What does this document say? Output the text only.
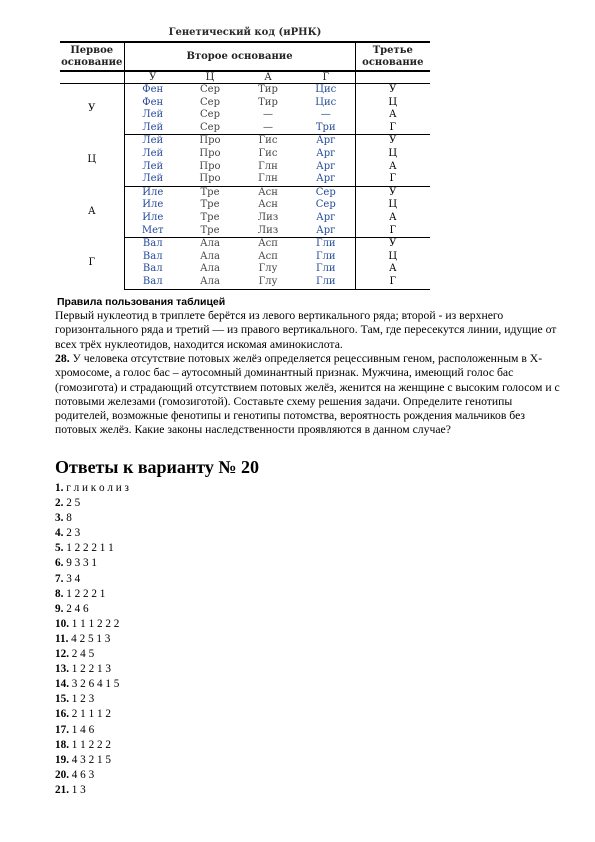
Генетический код (иРНК)
Первое основание	Второе основание				Третье основание
	У	Ц	А	Г	
У	Фен	Сер	Тир	Цис	У
	Фен	Сер	Тир	Цис	Ц
	Лей	Сер	—	—	А
	Лей	Сер	—	Три	Г
Ц	Лей	Про	Гис	Арг	У
	Лей	Про	Гис	Арг	Ц
	Лей	Про	Глн	Арг	А
	Лей	Про	Глн	Арг	Г
А	Иле	Тре	Асн	Сер	У
	Иле	Тре	Асн	Сер	Ц
	Иле	Тре	Лиз	Арг	А
	Мет	Тре	Лиз	Арг	Г
Г	Вал	Ала	Асп	Гли	У
	Вал	Ала	Асп	Гли	Ц
	Вал	Ала	Глу	Гли	А
	Вал	Ала	Глу	Гли	Г
Правила пользования таблицей
Первый нуклеотид в триплете берётся из левого вертикального ряда; второй - из верхнего горизонтального ряда и третий — из правого вертикального. Там, где пересекутся линии, идущие от всех трёх нуклеотидов, находится искомая аминокислота.
28. У человека отсутствие потовых желёз определяется рецессивным геном, расположенным в X-хромосоме, а голос бас – аутосомный доминантный признак. Мужчина, имеющий голос бас (гомозигота) и страдающий отсутствием потовых желёз, женится на женщине с высоким голосом и с потовыми железами (гомозиготой). Составьте схему решения задачи. Определите генотипы родителей, возможные фенотипы и генотипы потомства, вероятность рождения мальчиков без потовых желёз. Какие законы наследственности проявляются в данном случае?
Ответы к варианту № 20
1. г л и к о л и з
2. 2 5
3. 8
4. 2 3
5. 1 2 2 2 1 1
6. 9 3 3 1
7. 3 4
8. 1 2 2 2 1
9. 2 4 6
10. 1 1 1 2 2 2
11. 4 2 5 1 3
12. 2 4 5
13. 1 2 2 1 3
14. 3 2 6 4 1 5
15. 1 2 3
16. 2 1 1 1 2
17. 1 4 6
18. 1 1 2 2 2
19. 4 3 2 1 5
20. 4 6 3
21. 1 3
